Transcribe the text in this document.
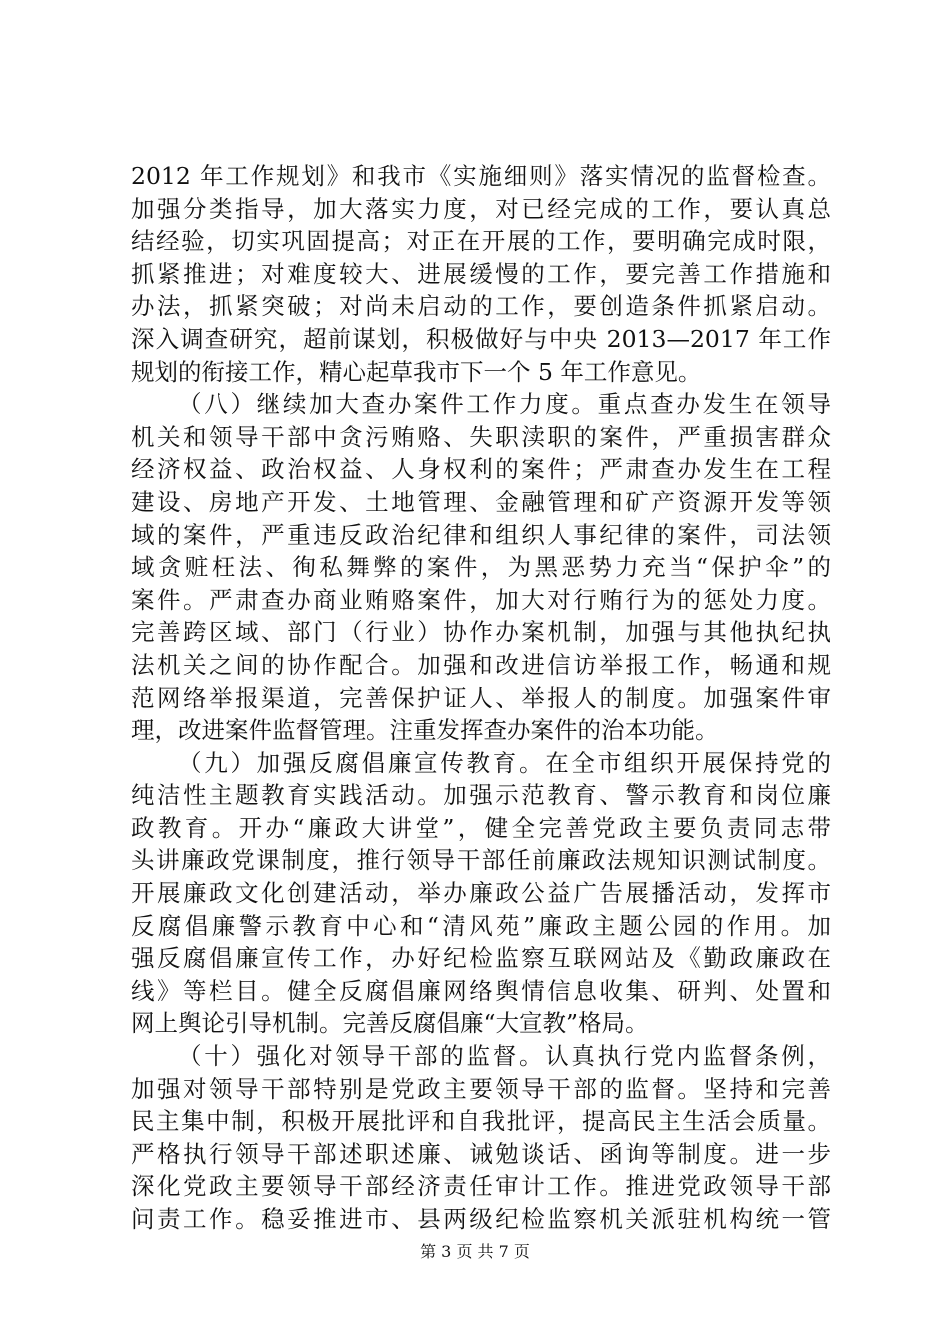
2012 年工作规划》和我市《实施细则》落实情况的监督检查。
加强分类指导，加大落实力度，对已经完成的工作，要认真总
结经验，切实巩固提高；对正在开展的工作，要明确完成时限，
抓紧推进；对难度较大、进展缓慢的工作，要完善工作措施和
办法，抓紧突破；对尚未启动的工作，要创造条件抓紧启动。
深入调查研究，超前谋划，积极做好与中央 2013—2017 年工作
规划的衔接工作，精心起草我市下一个 5 年工作意见。
（八）继续加大查办案件工作力度。重点查办发生在领导
机关和领导干部中贪污贿赂、失职渎职的案件，严重损害群众
经济权益、政治权益、人身权利的案件；严肃查办发生在工程
建设、房地产开发、土地管理、金融管理和矿产资源开发等领
域的案件，严重违反政治纪律和组织人事纪律的案件，司法领
域贪赃枉法、徇私舞弊的案件，为黑恶势力充当“保护伞”的
案件。严肃查办商业贿赂案件，加大对行贿行为的惩处力度。
完善跨区域、部门（行业）协作办案机制，加强与其他执纪执
法机关之间的协作配合。加强和改进信访举报工作，畅通和规
范网络举报渠道，完善保护证人、举报人的制度。加强案件审
理，改进案件监督管理。注重发挥查办案件的治本功能。
（九）加强反腐倡廉宣传教育。在全市组织开展保持党的
纯洁性主题教育实践活动。加强示范教育、警示教育和岗位廉
政教育。开办“廉政大讲堂”，健全完善党政主要负责同志带
头讲廉政党课制度，推行领导干部任前廉政法规知识测试制度。
开展廉政文化创建活动，举办廉政公益广告展播活动，发挥市
反腐倡廉警示教育中心和“清风苑”廉政主题公园的作用。加
强反腐倡廉宣传工作，办好纪检监察互联网站及《勤政廉政在
线》等栏目。健全反腐倡廉网络舆情信息收集、研判、处置和
网上舆论引导机制。完善反腐倡廉“大宣教”格局。
（十）强化对领导干部的监督。认真执行党内监督条例，
加强对领导干部特别是党政主要领导干部的监督。坚持和完善
民主集中制，积极开展批评和自我批评，提高民主生活会质量。
严格执行领导干部述职述廉、诫勉谈话、函询等制度。进一步
深化党政主要领导干部经济责任审计工作。推进党政领导干部
问责工作。稳妥推进市、县两级纪检监察机关派驻机构统一管
第 3 页 共 7 页
